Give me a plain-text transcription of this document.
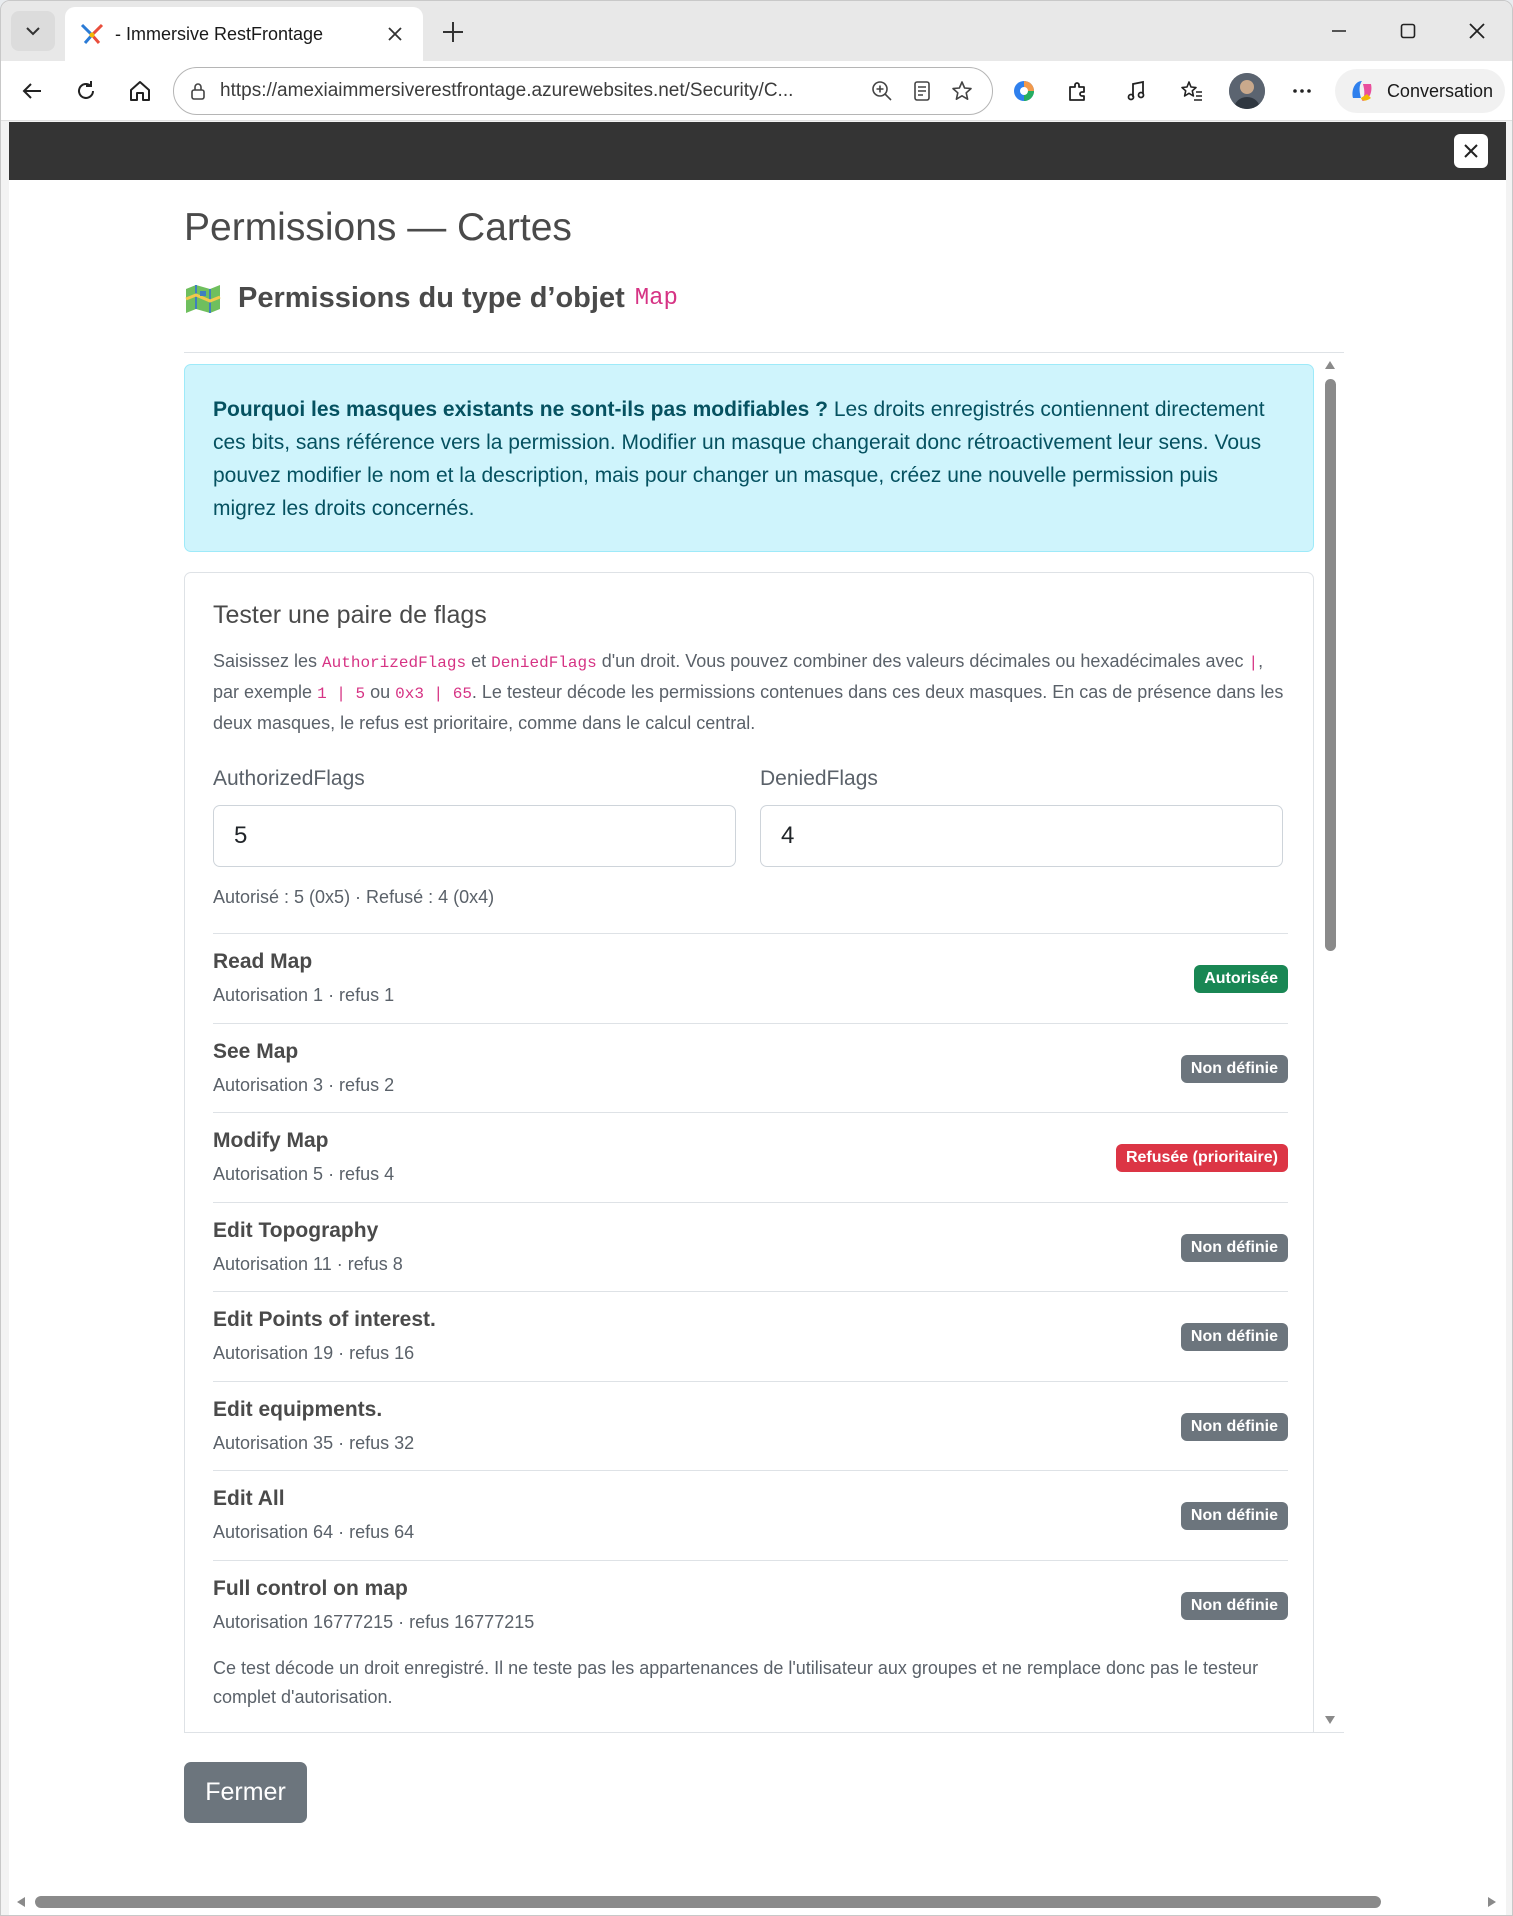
- Immersive RestFrontage
https://amexiaimmersiverestfrontage.azurewebsites.net/Security/C...	Conversation
Permissions — Cartes
Permissions du type d’objet Map
Pourquoi les masques existants ne sont-ils pas modifiables ? Les droits enregistrés contiennent directement ces bits, sans référence vers la permission. Modifier un masque changerait donc rétroactivement leur sens. Vous pouvez modifier le nom et la description, mais pour changer un masque, créez une nouvelle permission puis migrez les droits concernés.
Tester une paire de flags

Saisissez les AuthorizedFlags et DeniedFlags d'un droit. Vous pouvez combiner des valeurs décimales ou hexadécimales avec |, par exemple 1 | 5 ou 0x3 | 65. Le testeur décode les permissions contenues dans ces deux masques. En cas de présence dans les deux masques, le refus est prioritaire, comme dans le calcul central.

AuthorizedFlags
5	DeniedFlags
4
Autorisé : 5 (0x5) · Refusé : 4 (0x4)
Read Map
Autorisation 1 · refus 1
Autorisée
See Map
Autorisation 3 · refus 2
Non définie
Modify Map
Autorisation 5 · refus 4
Refusée (prioritaire)
Edit Topography
Autorisation 11 · refus 8
Non définie
Edit Points of interest.
Autorisation 19 · refus 16
Non définie
Edit equipments.
Autorisation 35 · refus 32
Non définie
Edit All
Autorisation 64 · refus 64
Non définie
Full control on map
Autorisation 16777215 · refus 16777215
Non définie

Ce test décode un droit enregistré. Il ne teste pas les appartenances de l'utilisateur aux groupes et ne remplace donc pas le testeur complet d'autorisation.

Fermer
